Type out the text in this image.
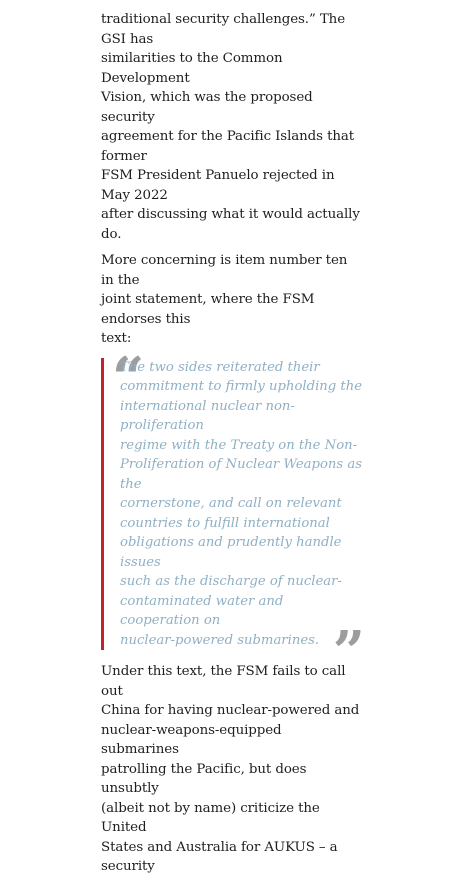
traditional security challenges.” The GSI has
similarities to the Common Development
Vision, which was the proposed security
agreement for the Pacific Islands that former
FSM President Panuelo rejected in May 2022
after discussing what it would actually do.

More concerning is item number ten in the
joint statement, where the FSM endorses this
text:

“

The two sides reiterated their
commitment to firmly upholding the
international nuclear non-proliferation
regime with the Treaty on the Non-
Proliferation of Nuclear Weapons as the
cornerstone, and call on relevant
countries to fulfill international
obligations and prudently handle issues
such as the discharge of nuclear-
contaminated water and cooperation on
nuclear-powered submarines. ”

Under this text, the FSM fails to call out
China for having nuclear-powered and
nuclear-weapons-equipped submarines
patrolling the Pacific, but does unsubtly
(albeit not by name) criticize the United
States and Australia for AUKUS – a security
